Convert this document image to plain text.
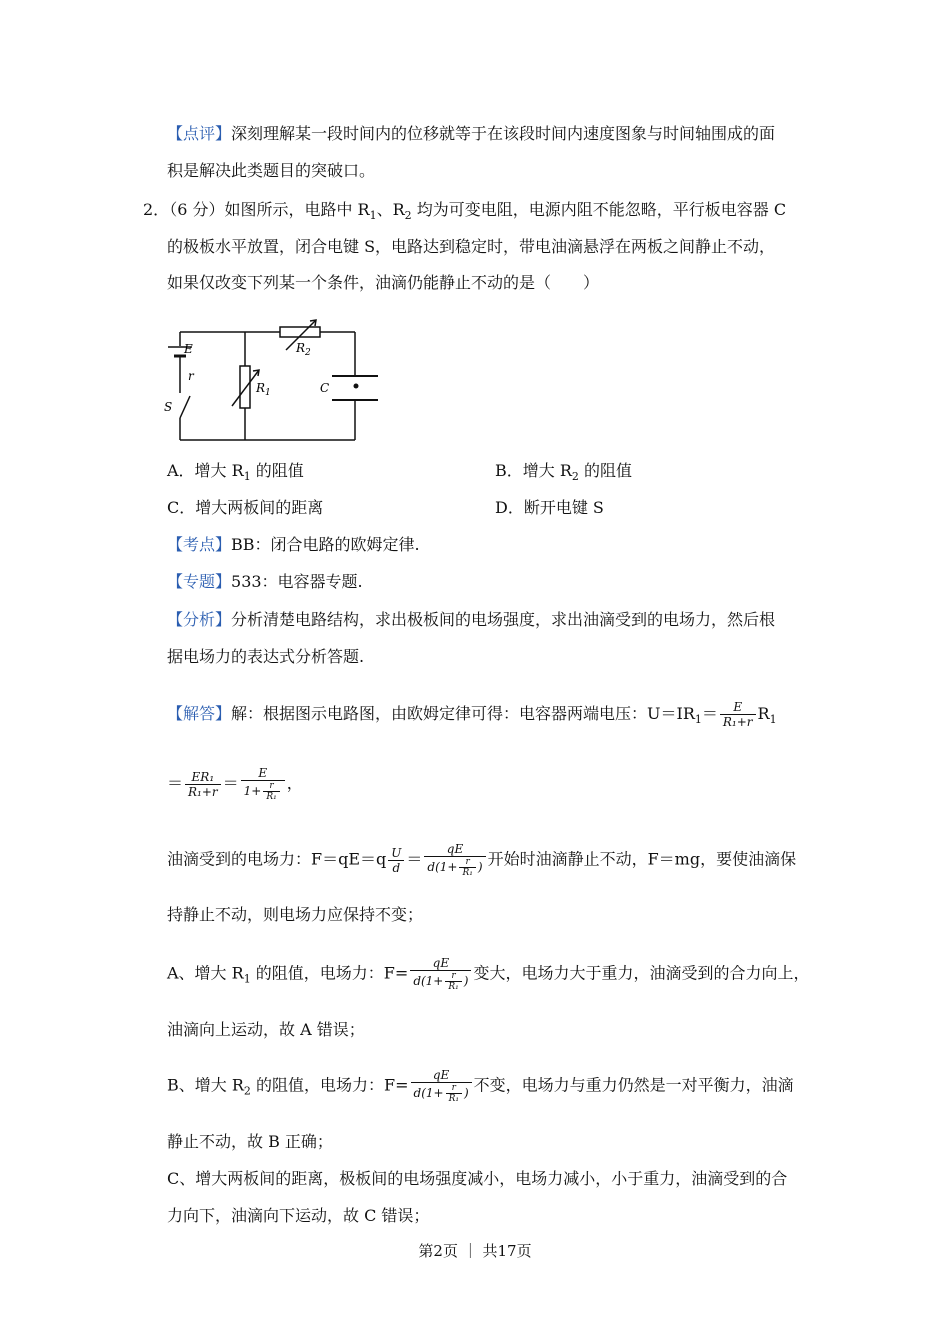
【点评】深刻理解某一段时间内的位移就等于在该段时间内速度图象与时间轴围成的面
积是解决此类题目的突破口。
2．（6 分）如图所示，电路中 $R_1$、$R_2$ 均为可变电阻，电源内阻不能忽略，平行板电容器 C
的极板水平放置，闭合电键 S，电路达到稳定时，带电油滴悬浮在两板之间静止不动，
如果仅改变下列某一个条件，油滴仍能静止不动的是（　　）
E
r
S
$R_1$
$R_2$
C
A．增大 $R_1$ 的阻值	B．增大 $R_2$ 的阻值
C．增大两板间的距离	D．断开电键 S
【考点】BB：闭合电路的欧姆定律.
【专题】533：电容器专题.
【分析】分析清楚电路结构，求出极板间的电场强度，求出油滴受到的电场力，然后根
据电场力的表达式分析答题.
【解答】解：根据图示电路图，由欧姆定律可得：电容器两端电压：$U=IR_1= \frac{E}{\text{R₁+r}} R_1$
＝ $\frac{\text{ER₁}}{\text{R₁+r}} = \frac{E}{1+ \frac{r}{\text{R₁}}}$ ，
油滴受到的电场力：$F=qE=q \frac{U}{d} = \frac{qE}{d(1+ \frac{r}{\text{R₁}} )}$ 开始时油滴静止不动，F＝mg，要使油滴保
持静止不动，则电场力应保持不变；
A、增大 $R_1$ 的阻值，电场力：$F= \frac{qE}{d(1+ \frac{r}{\text{R₁}} )}$ 变大，电场力大于重力，油滴受到的合力向上，
油滴向上运动，故 A 错误；
B、增大 $R_2$ 的阻值，电场力：$F= \frac{qE}{d(1+ \frac{r}{\text{R₁}} )}$ 不变，电场力与重力仍然是一对平衡力，油滴
静止不动，故 B 正确；
C、增大两板间的距离，极板间的电场强度减小，电场力减小，小于重力，油滴受到的合
力向下，油滴向下运动，故 C 错误；
第2页 ｜ 共17页
